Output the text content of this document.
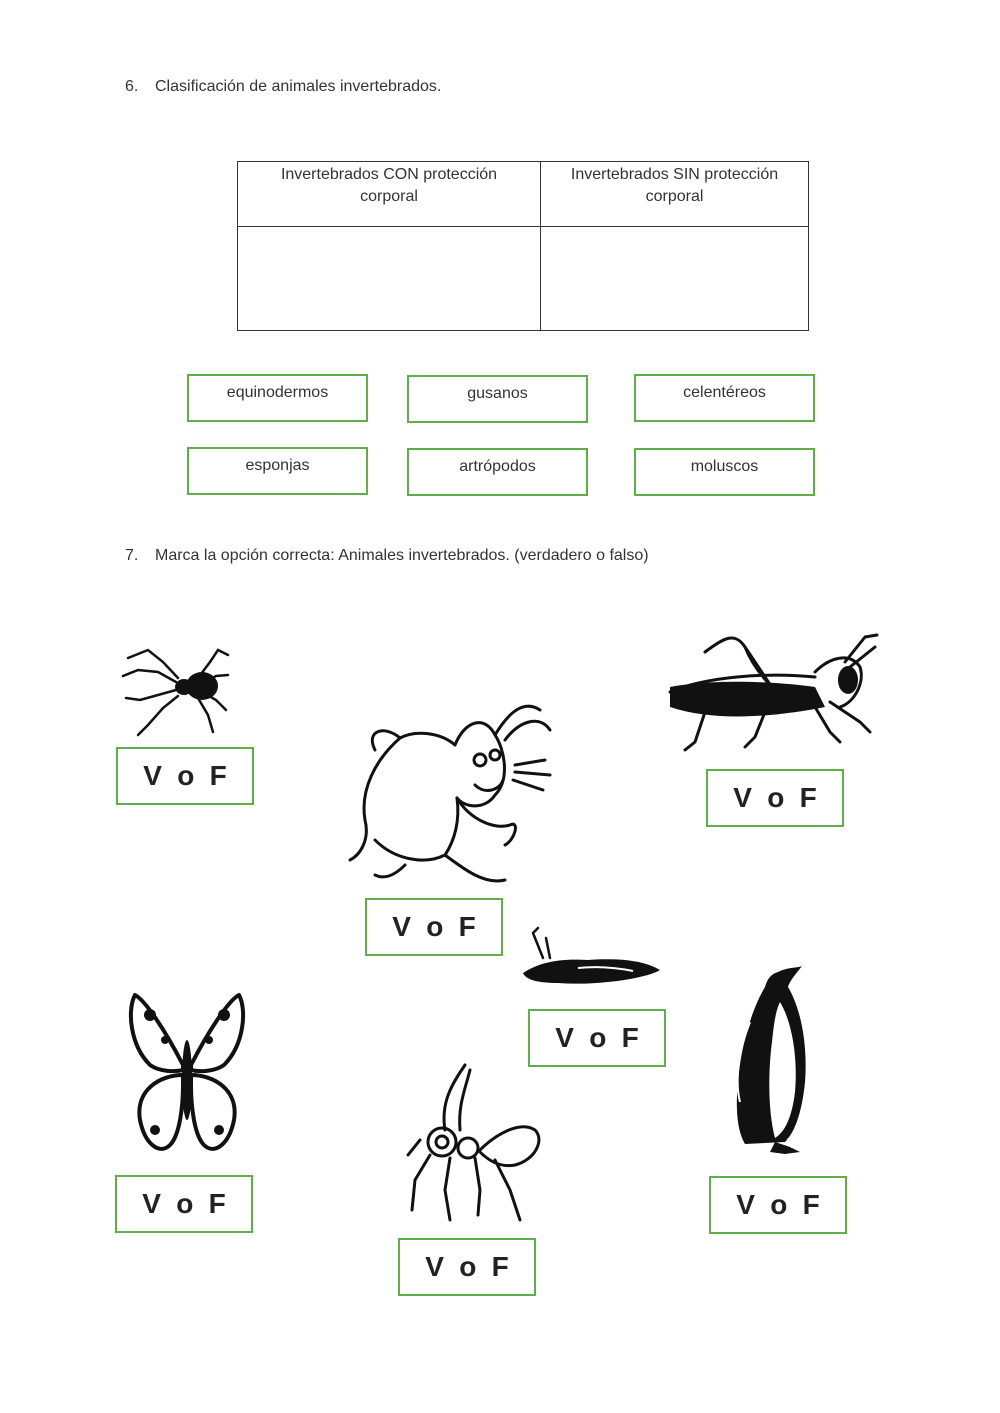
6. Clasificación de animales invertebrados.
Invertebrados CON protección corporal	Invertebrados SIN protección corporal

equinodermos	gusanos	celentéreos
esponjas	artrópodos	moluscos
7. Marca la opción correcta: Animales invertebrados. (verdadero o falso)
V o F
V o F
V o F
V o F
V o F
V o F
V o F
